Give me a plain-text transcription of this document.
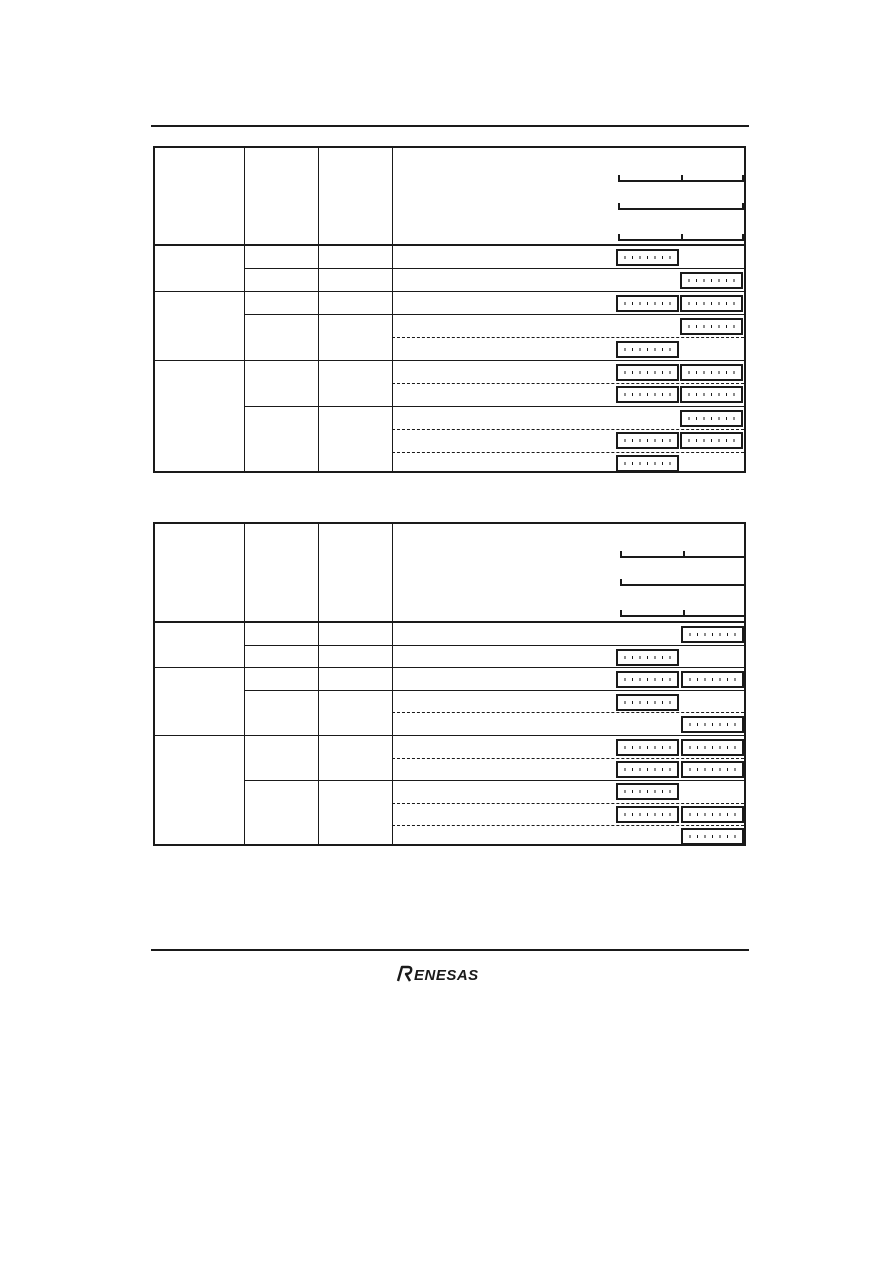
ENESAS
